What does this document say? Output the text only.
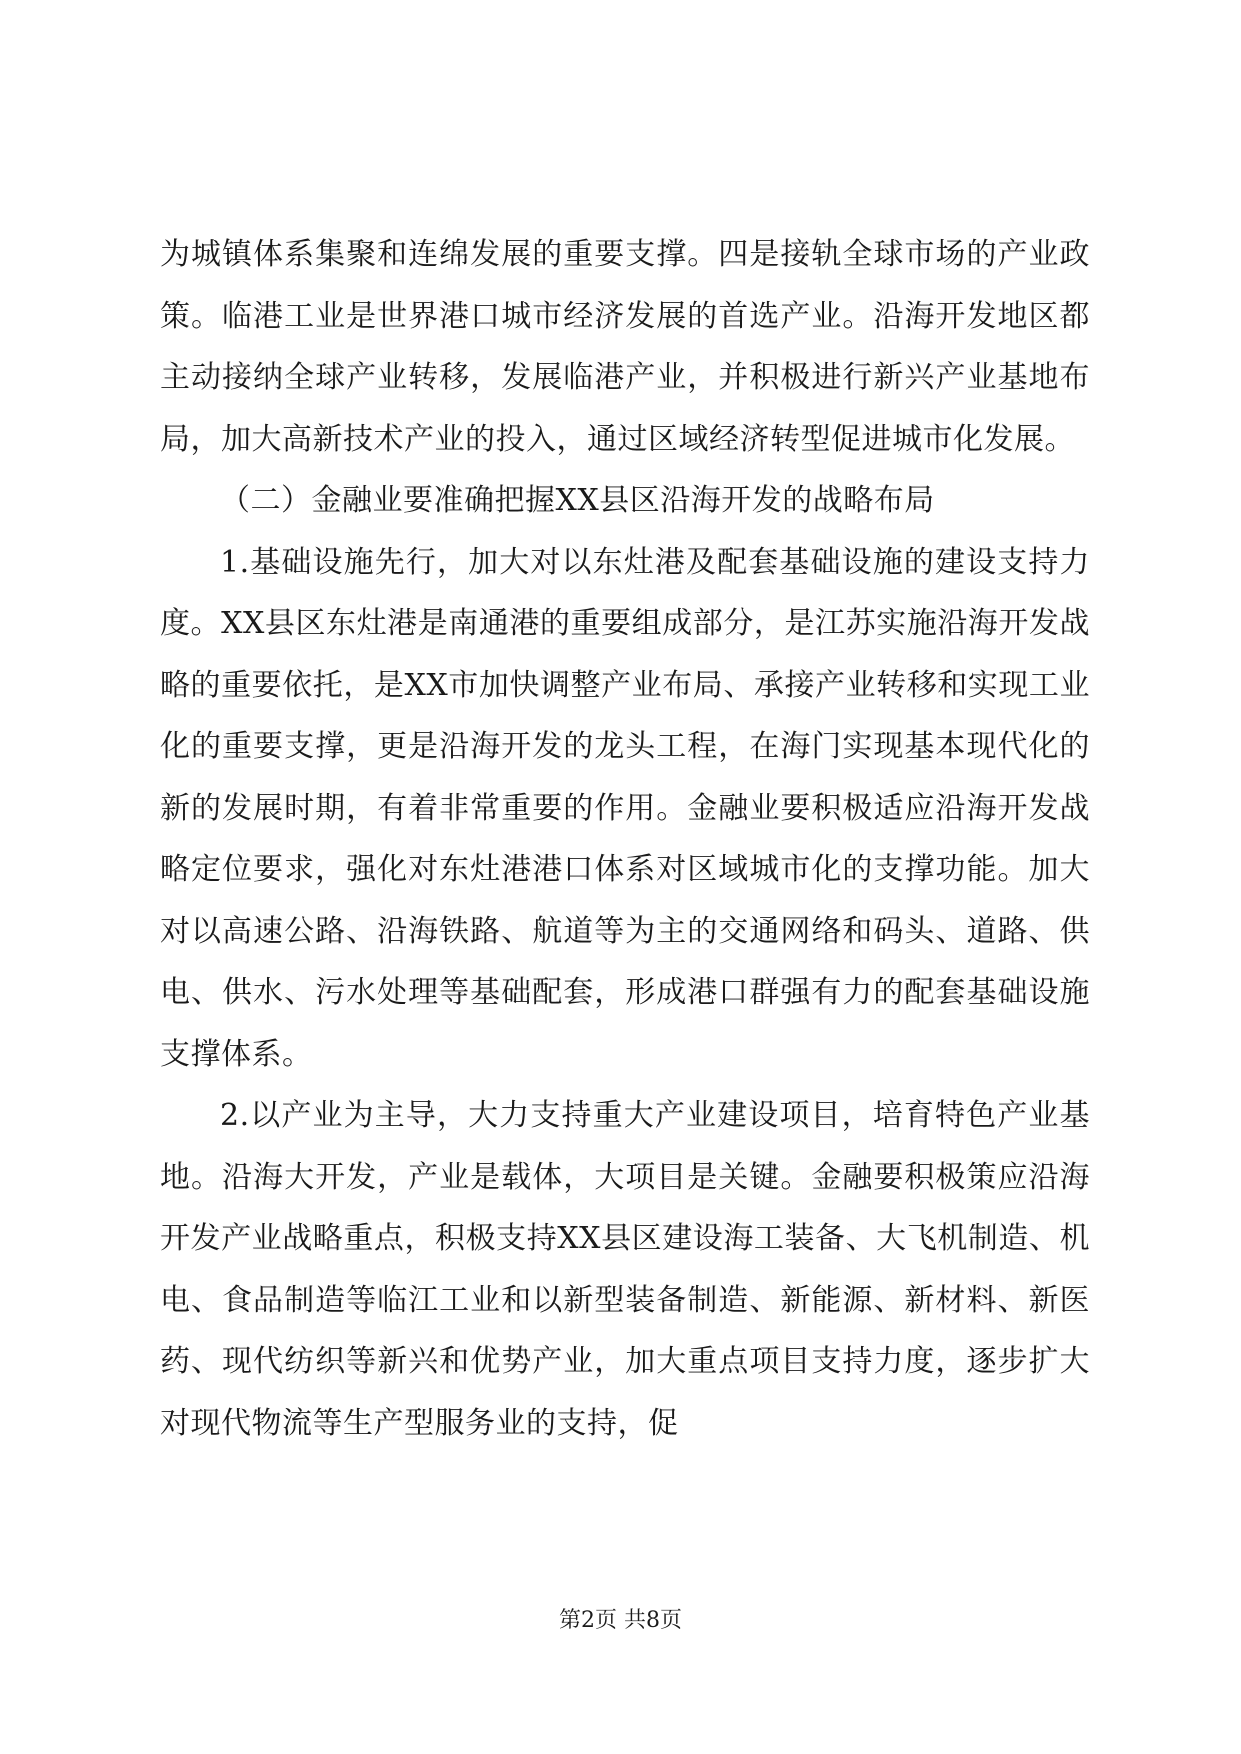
为城镇体系集聚和连绵发展的重要支撑。四是接轨全球市场的产业政策。临港工业是世界港口城市经济发展的首选产业。沿海开发地区都主动接纳全球产业转移，发展临港产业，并积极进行新兴产业基地布局，加大高新技术产业的投入，通过区域经济转型促进城市化发展。

（二）金融业要准确把握XX县区沿海开发的战略布局

1.基础设施先行，加大对以东灶港及配套基础设施的建设支持力度。XX县区东灶港是南通港的重要组成部分，是江苏实施沿海开发战略的重要依托，是XX市加快调整产业布局、承接产业转移和实现工业化的重要支撑，更是沿海开发的龙头工程，在海门实现基本现代化的新的发展时期，有着非常重要的作用。金融业要积极适应沿海开发战略定位要求，强化对东灶港港口体系对区域城市化的支撑功能。加大对以高速公路、沿海铁路、航道等为主的交通网络和码头、道路、供电、供水、污水处理等基础配套，形成港口群强有力的配套基础设施支撑体系。

2.以产业为主导，大力支持重大产业建设项目，培育特色产业基地。沿海大开发，产业是载体，大项目是关键。金融要积极策应沿海开发产业战略重点，积极支持XX县区建设海工装备、大飞机制造、机电、食品制造等临江工业和以新型装备制造、新能源、新材料、新医药、现代纺织等新兴和优势产业，加大重点项目支持力度，逐步扩大对现代物流等生产型服务业的支持，促

第2页 共8页
